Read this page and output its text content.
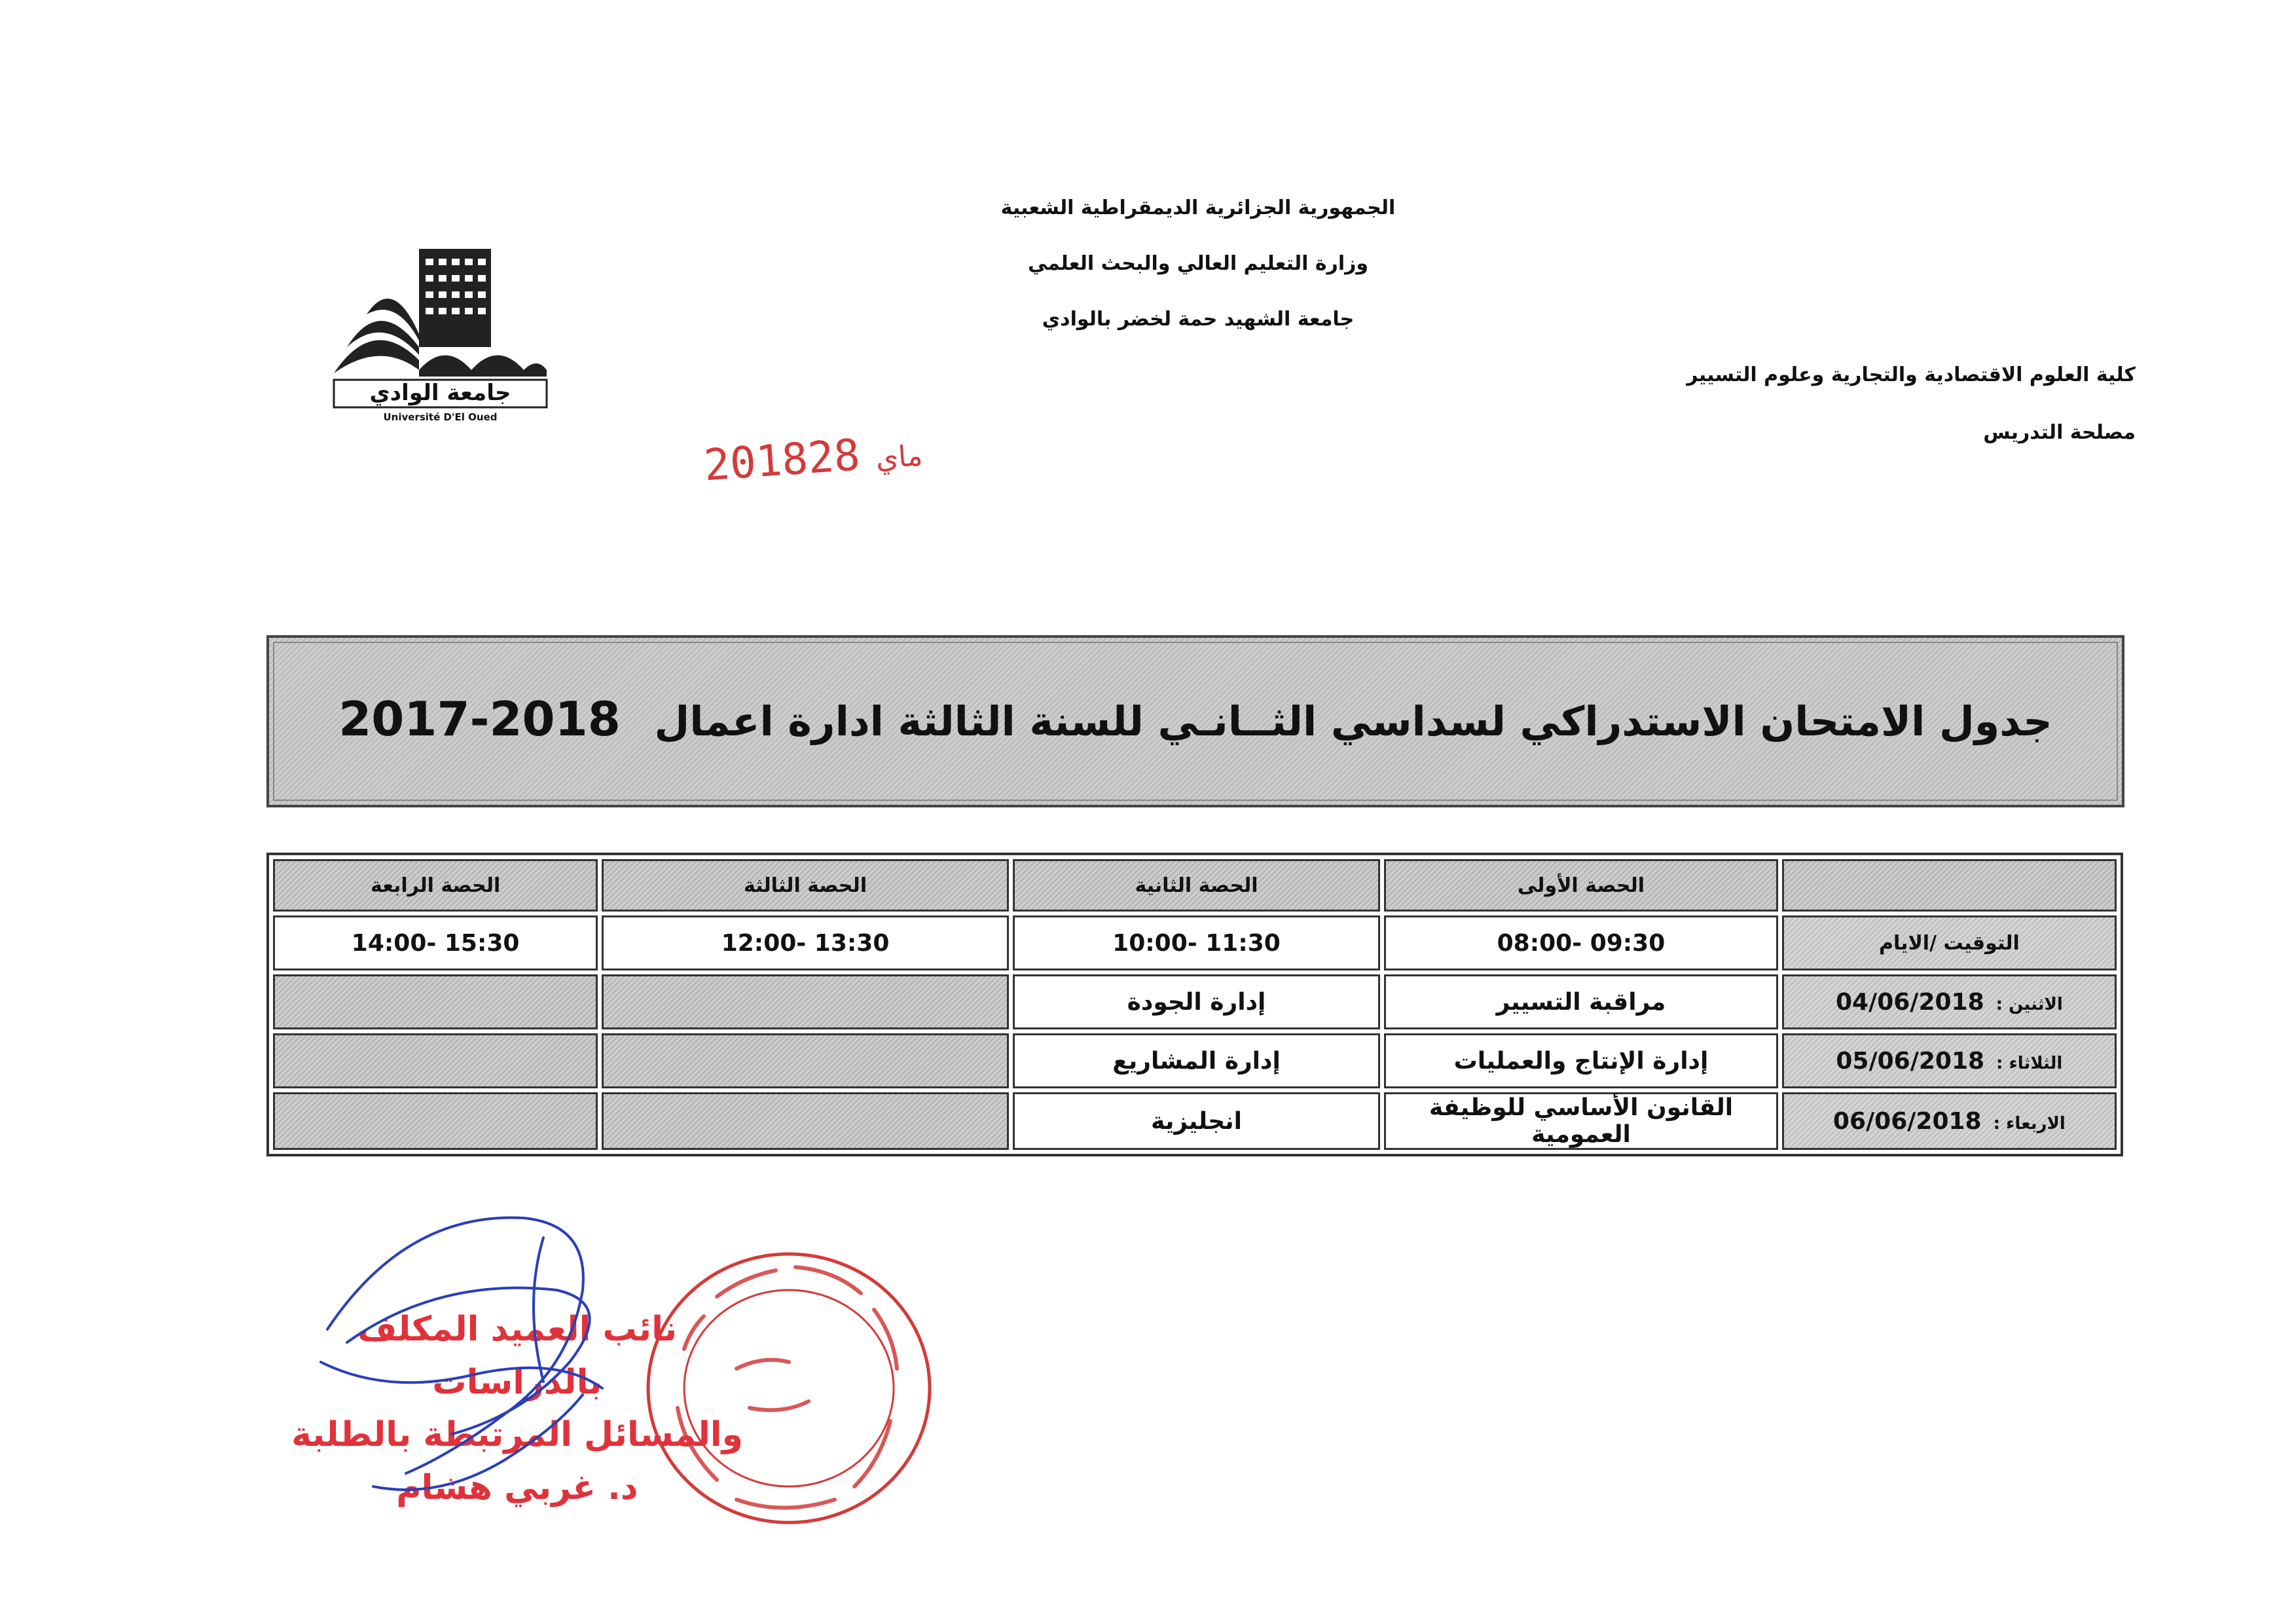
الجمهورية الجزائرية الديمقراطية الشعبية
وزارة التعليم العالي والبحث العلمي
جامعة الشهيد حمة لخضر بالوادي
كلية العلوم الاقتصادية والتجارية وعلوم التسيير
مصلحة التدريس
جامعة الوادي
Université D'El Oued
2018 ماي28
جدول الامتحان الاستدراكي لسداسي الثــانـي للسنة الثالثة ادارة اعمال 2017-2018
	الحصة الأولى	الحصة الثانية	الحصة الثالثة	الحصة الرابعة
التوقيت /الايام	08:00- 09:30	10:00- 11:30	12:00- 13:30	14:00- 15:30
الاثنين :04/06/2018	مراقبة التسيير	إدارة الجودة		
الثلاثاء :05/06/2018	إدارة الإنتاج والعمليات	إدارة المشاريع		
الاربعاء :06/06/2018	القانون الأساسي للوظيفة العمومية	انجليزية		
نائب العميد المكلف بالدراسات
والمسائل المرتبطة بالطلبة
د. غربي هشام
